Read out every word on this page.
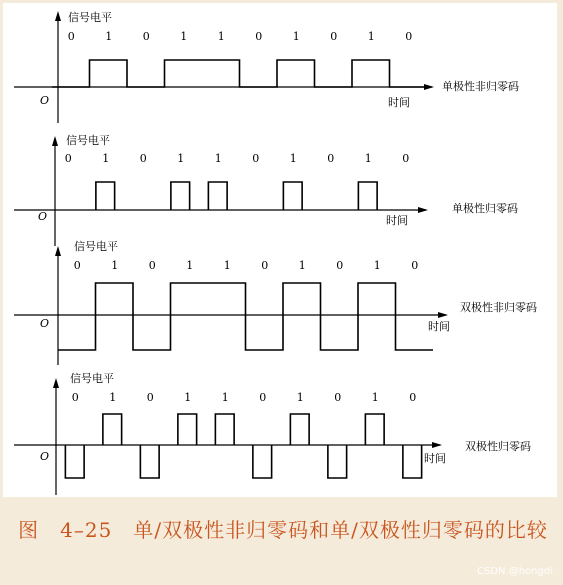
信号电平
时间
O
单极性非归零码
0	1	0	1	1	0	1	0	1	0
信号电平
时间
O
单极性归零码
0	1	0	1	1	0	1	0	1	0
信号电平
时间
O
双极性非归零码
0	1	0	1	1	0	1	0	1	0
信号电平
时间
O
双极性归零码
0	1	0	1	1	0	1	0	1	0
图　4–25　 单/双极性非归零码和单/双极性归零码的比较
CSDN @hongdi
